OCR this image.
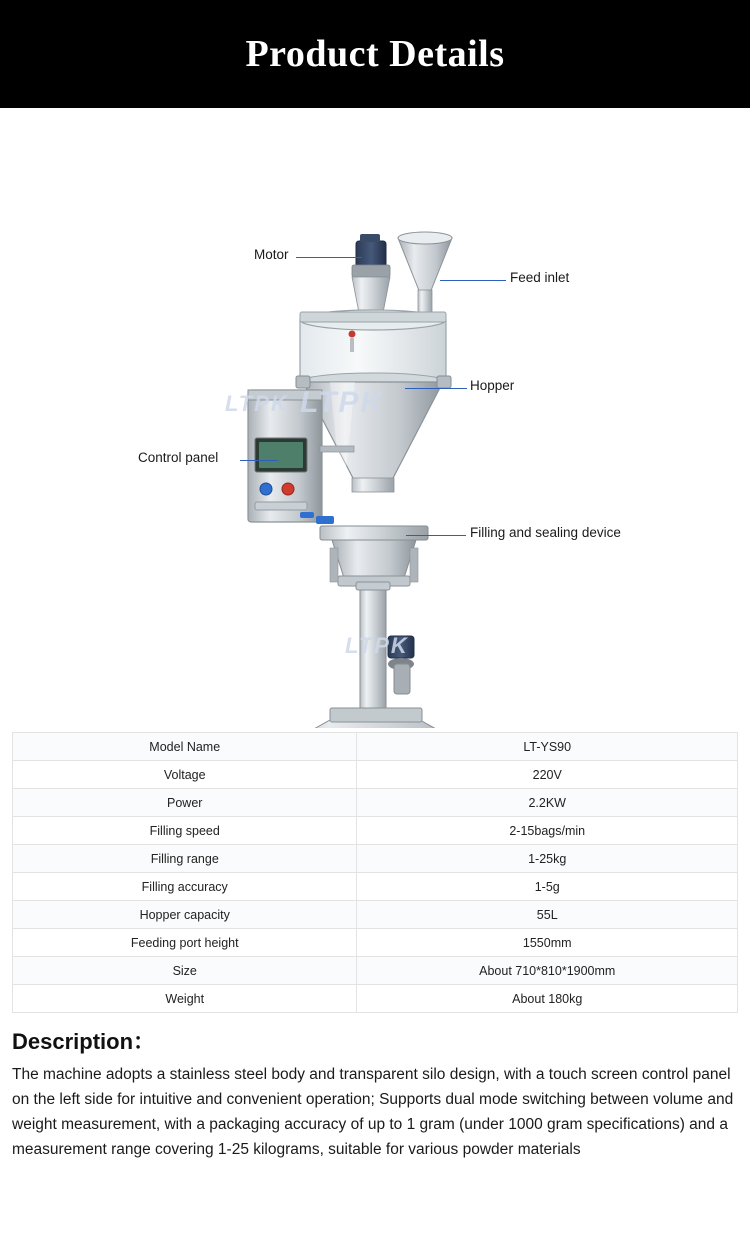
Product Details
LTPK
LTPK
LTPK
Motor
Feed inlet
Hopper
Control panel
Filling and sealing device
Model Name	LT-YS90
Voltage	220V
Power	2.2KW
Filling speed	2-15bags/min
Filling range	1-25kg
Filling accuracy	1-5g
Hopper capacity	55L
Feeding port height	1550mm
Size	About 710*810*1900mm
Weight	About 180kg
Description：

The machine adopts a stainless steel body and transparent silo design, with a touch screen control panel on the left side for intuitive and convenient operation; Supports dual mode switching between volume and weight measurement, with a packaging accuracy of up to 1 gram (under 1000 gram specifications) and a measurement range covering 1-25 kilograms, suitable for various powder materials
